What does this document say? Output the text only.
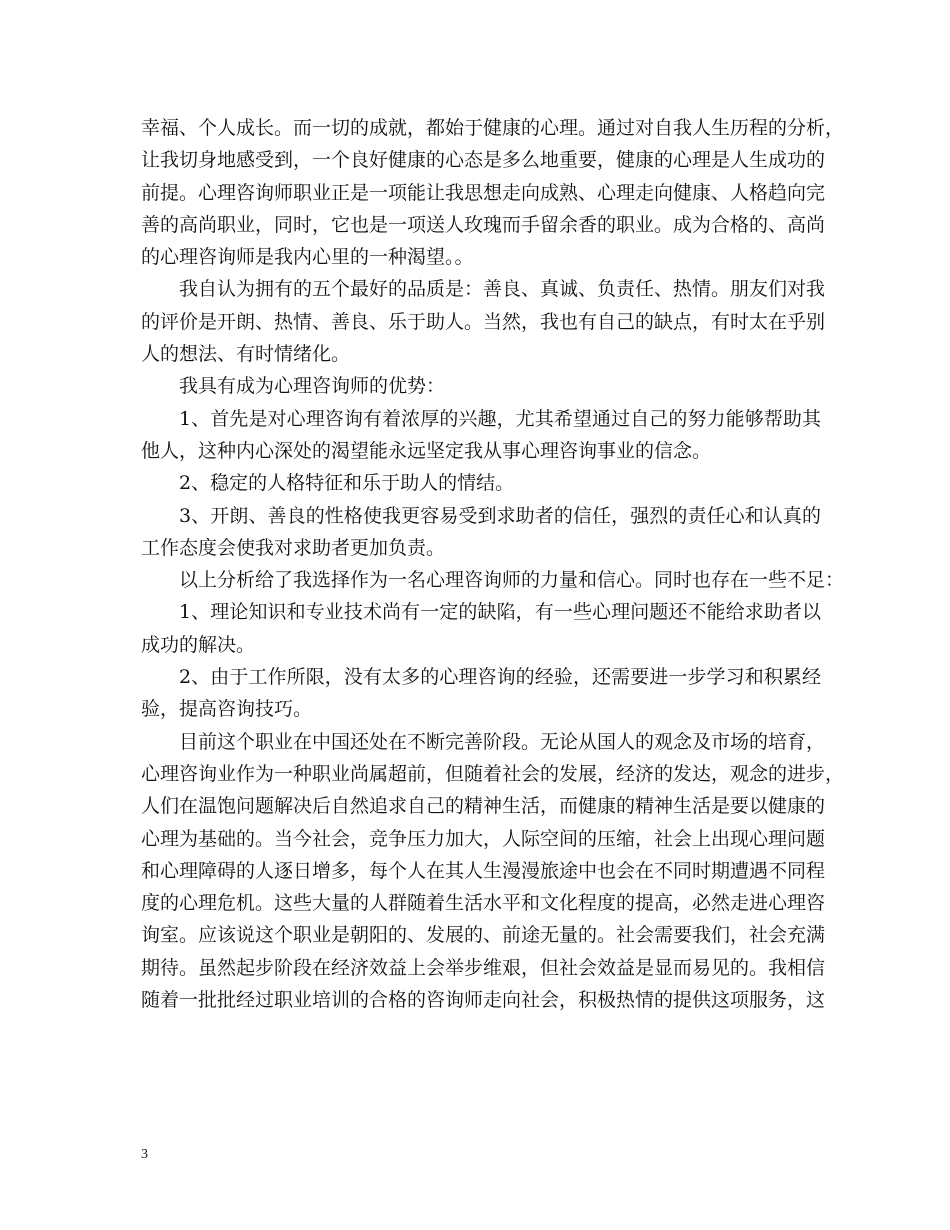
幸福、个人成长。而一切的成就，都始于健康的心理。通过对自我人生历程的分析，
让我切身地感受到，一个良好健康的心态是多么地重要，健康的心理是人生成功的
前提。心理咨询师职业正是一项能让我思想走向成熟、心理走向健康、人格趋向完
善的高尚职业，同时，它也是一项送人玫瑰而手留余香的职业。成为合格的、高尚
的心理咨询师是我内心里的一种渴望。。
我自认为拥有的五个最好的品质是：善良、真诚、负责任、热情。朋友们对我
的评价是开朗、热情、善良、乐于助人。当然，我也有自己的缺点，有时太在乎别
人的想法、有时情绪化。
我具有成为心理咨询师的优势：
1、首先是对心理咨询有着浓厚的兴趣，尤其希望通过自己的努力能够帮助其
他人，这种内心深处的渴望能永远坚定我从事心理咨询事业的信念。
2、稳定的人格特征和乐于助人的情结。
3、开朗、善良的性格使我更容易受到求助者的信任，强烈的责任心和认真的
工作态度会使我对求助者更加负责。
以上分析给了我选择作为一名心理咨询师的力量和信心。同时也存在一些不足：
1、理论知识和专业技术尚有一定的缺陷，有一些心理问题还不能给求助者以
成功的解决。
2、由于工作所限，没有太多的心理咨询的经验，还需要进一步学习和积累经
验，提高咨询技巧。
目前这个职业在中国还处在不断完善阶段。无论从国人的观念及市场的培育，
心理咨询业作为一种职业尚属超前，但随着社会的发展，经济的发达，观念的进步，
人们在温饱问题解决后自然追求自己的精神生活，而健康的精神生活是要以健康的
心理为基础的。当今社会，竞争压力加大，人际空间的压缩，社会上出现心理问题
和心理障碍的人逐日增多，每个人在其人生漫漫旅途中也会在不同时期遭遇不同程
度的心理危机。这些大量的人群随着生活水平和文化程度的提高，必然走进心理咨
询室。应该说这个职业是朝阳的、发展的、前途无量的。社会需要我们，社会充满
期待。虽然起步阶段在经济效益上会举步维艰，但社会效益是显而易见的。我相信
随着一批批经过职业培训的合格的咨询师走向社会，积极热情的提供这项服务，这
3
